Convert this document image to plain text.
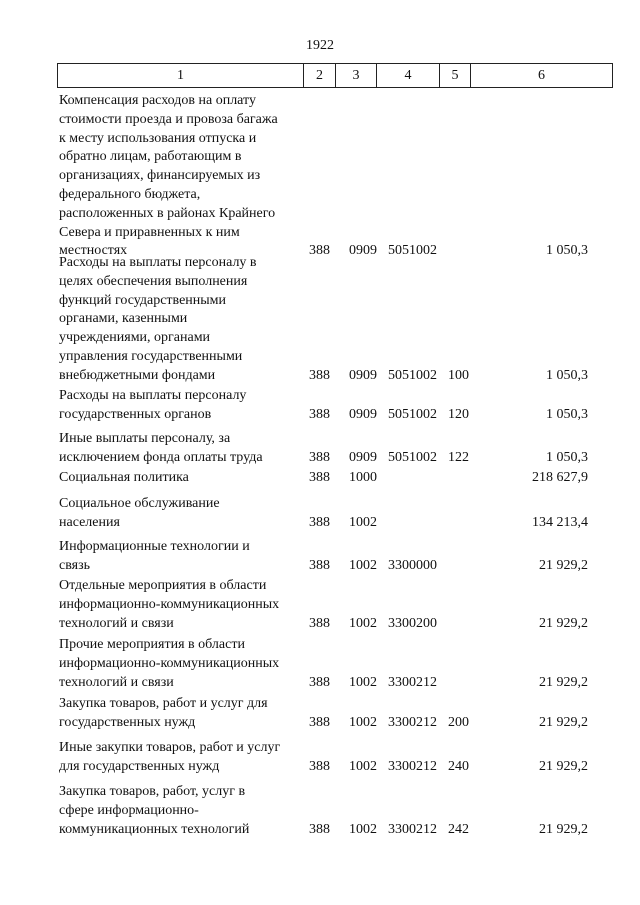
1922
1	2	3	4	5	6
Компенсация расходов на оплату
стоимости проезда и провоза багажа
к месту использования отпуска и
обратно лицам, работающим в
организациях, финансируемых из
федерального бюджета,
расположенных в районах Крайнего
Севера и приравненных к ним
местностях	388 0909 5051002	1 050,3
Расходы на выплаты персоналу в
целях обеспечения выполнения
функций государственными
органами, казенными
учреждениями, органами
управления государственными
внебюджетными фондами	388 0909 5051002 100	1 050,3
Расходы на выплаты персоналу
государственных органов	388 0909 5051002 120	1 050,3
Иные выплаты персоналу, за
исключением фонда оплаты труда	388 0909 5051002 122	1 050,3
Социальная политика	388 1000	218 627,9
Социальное обслуживание
населения	388 1002	134 213,4
Информационные технологии и
связь	388 1002 3300000	21 929,2
Отдельные мероприятия в области
информационно-коммуникационных
технологий и связи	388 1002 3300200	21 929,2
Прочие мероприятия в области
информационно-коммуникационных
технологий и связи	388 1002 3300212	21 929,2
Закупка товаров, работ и услуг для
государственных нужд	388 1002 3300212 200	21 929,2
Иные закупки товаров, работ и услуг
для государственных нужд	388 1002 3300212 240	21 929,2
Закупка товаров, работ, услуг в
сфере информационно-
коммуникационных технологий	388 1002 3300212 242	21 929,2
